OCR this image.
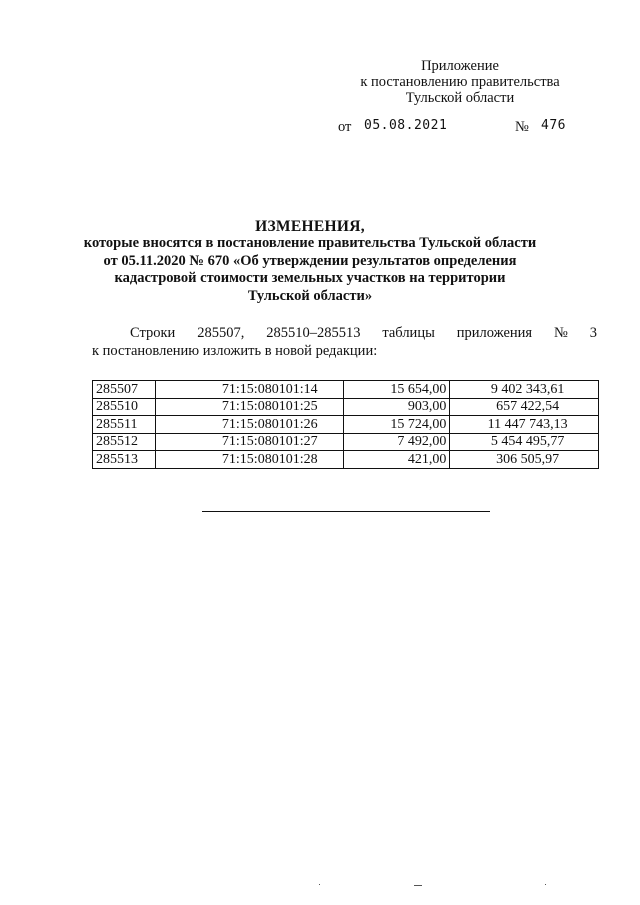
Приложение
к постановлению правительства
Тульской области
от 05.08.2021	№ 476
ИЗМЕНЕНИЯ,
которые вносятся в постановление правительства Тульской области
от 05.11.2020 № 670 «Об утверждении результатов определения
кадастровой стоимости земельных участков на территории
Тульской области»
Строки 285507, 285510–285513 таблицы приложения № 3
к постановлению изложить в новой редакции:
285507	71:15:080101:14	15 654,00	9 402 343,61
285510	71:15:080101:25	903,00	657 422,54
285511	71:15:080101:26	15 724,00	11 447 743,13
285512	71:15:080101:27	7 492,00	5 454 495,77
285513	71:15:080101:28	421,00	306 505,97
